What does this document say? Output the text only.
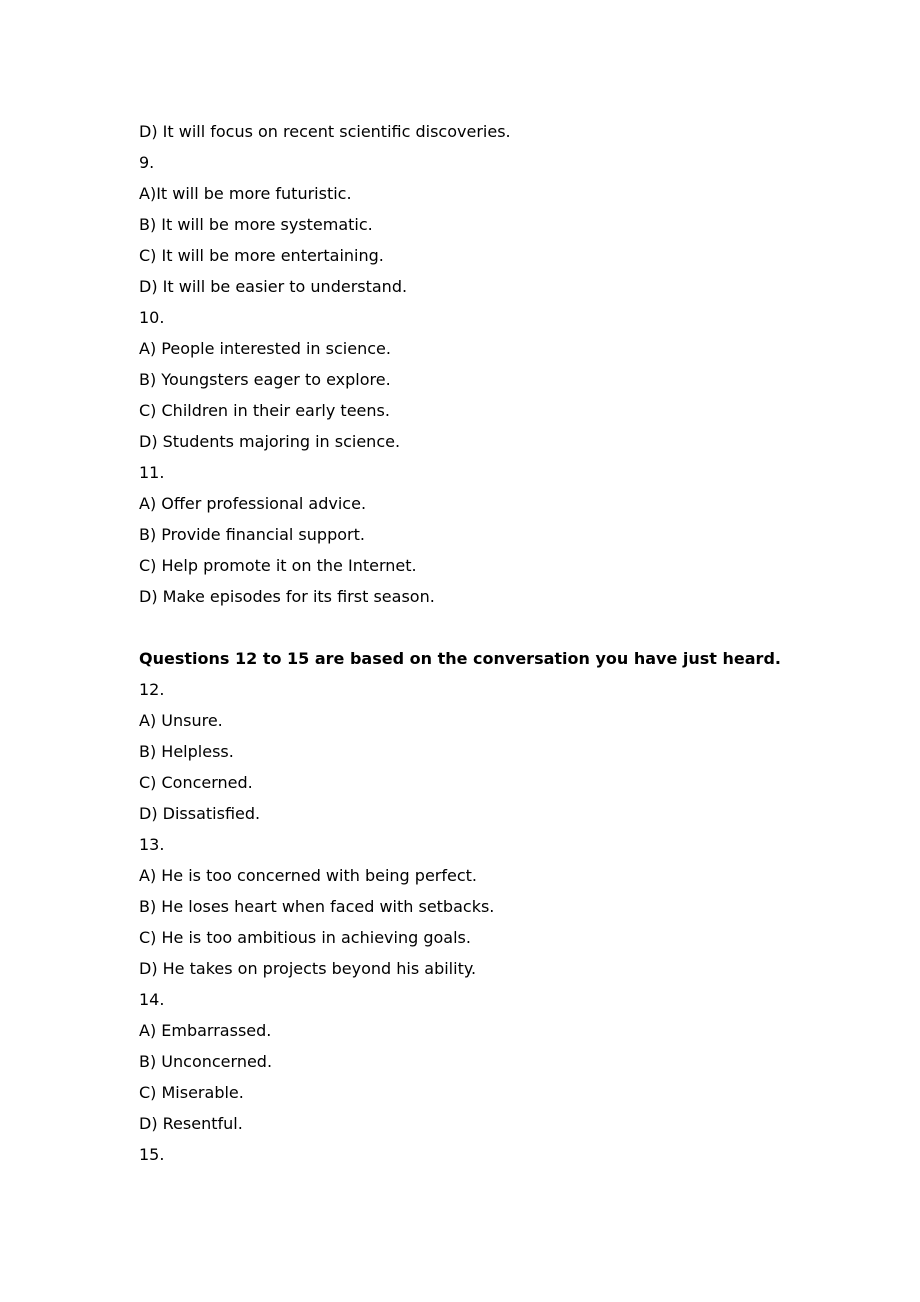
D) It will focus on recent scientific discoveries.
9.
A)It will be more futuristic.
B) It will be more systematic.
C) It will be more entertaining.
D) It will be easier to understand.
10.
A) People interested in science.
B) Youngsters eager to explore.
C) Children in their early teens.
D) Students majoring in science.
11.
A) Offer professional advice.
B) Provide financial support.
C) Help promote it on the Internet.
D) Make episodes for its first season.
Questions 12 to 15 are based on the conversation you have just heard.
12.
A) Unsure.
B) Helpless.
C) Concerned.
D) Dissatisfied.
13.
A) He is too concerned with being perfect.
B) He loses heart when faced with setbacks.
C) He is too ambitious in achieving goals.
D) He takes on projects beyond his ability.
14.
A) Embarrassed.
B) Unconcerned.
C) Miserable.
D) Resentful.
15.
